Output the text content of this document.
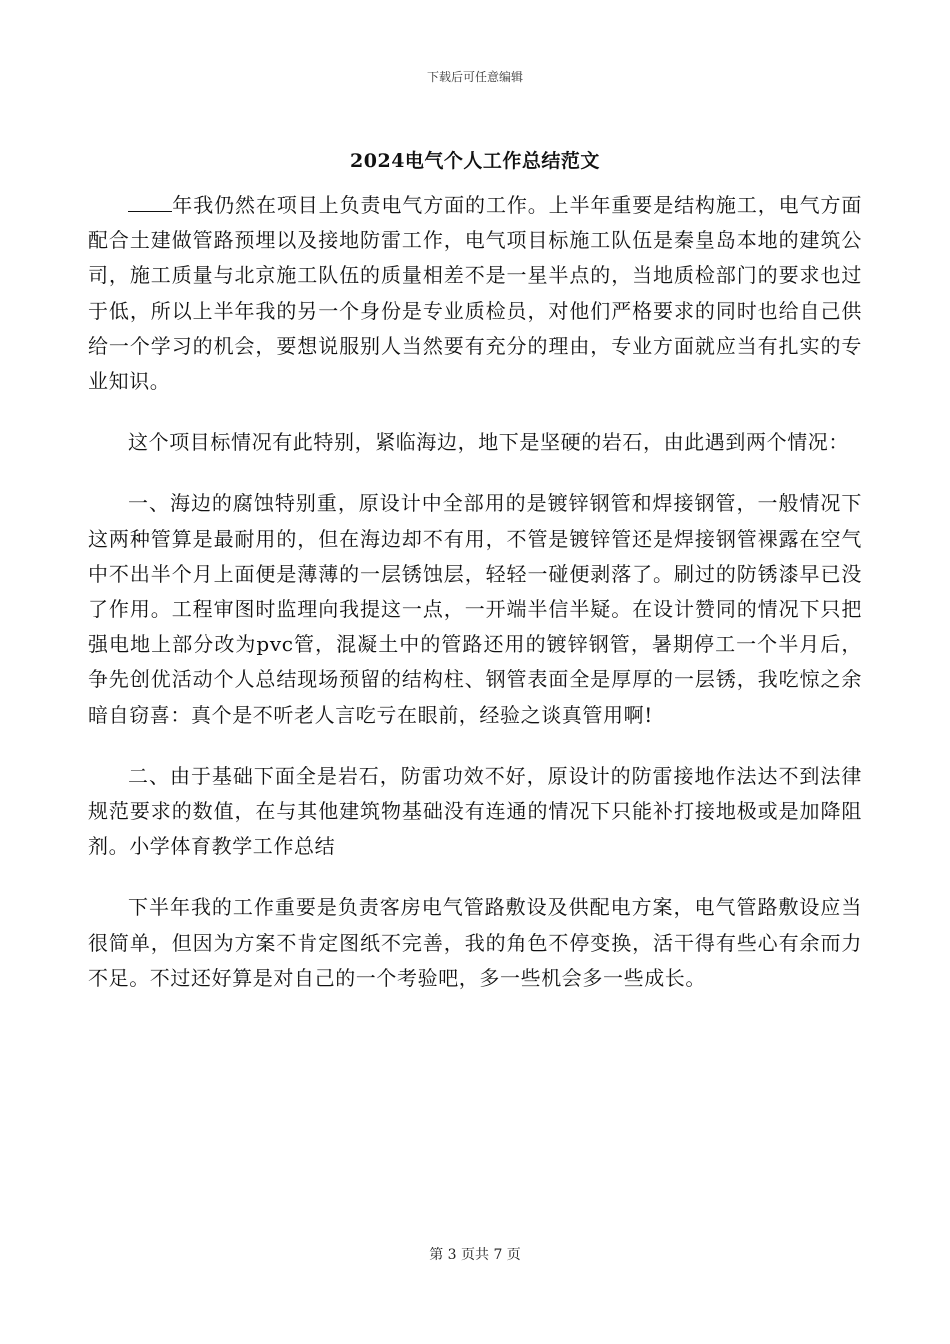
下载后可任意编辑
2024电气个人工作总结范文

年我仍然在项目上负责电气方面的工作。上半年重要是结构施工，电气方面配合土建做管路预埋以及接地防雷工作，电气项目标施工队伍是秦皇岛本地的建筑公司，施工质量与北京施工队伍的质量相差不是一星半点的，当地质检部门的要求也过于低，所以上半年我的另一个身份是专业质检员，对他们严格要求的同时也给自己供给一个学习的机会，要想说服别人当然要有充分的理由，专业方面就应当有扎实的专业知识。

这个项目标情况有此特别，紧临海边，地下是坚硬的岩石，由此遇到两个情况：

一、海边的腐蚀特别重，原设计中全部用的是镀锌钢管和焊接钢管，一般情况下这两种管算是最耐用的，但在海边却不有用，不管是镀锌管还是焊接钢管裸露在空气中不出半个月上面便是薄薄的一层锈蚀层，轻轻一碰便剥落了。刷过的防锈漆早已没了作用。工程审图时监理向我提这一点，一开端半信半疑。在设计赞同的情况下只把强电地上部分改为pvc管，混凝土中的管路还用的镀锌钢管，暑期停工一个半月后，争先创优活动个人总结现场预留的结构柱、钢管表面全是厚厚的一层锈，我吃惊之余暗自窃喜：真个是不听老人言吃亏在眼前，经验之谈真管用啊!

二、由于基础下面全是岩石，防雷功效不好，原设计的防雷接地作法达不到法律规范要求的数值，在与其他建筑物基础没有连通的情况下只能补打接地极或是加降阻剂。小学体育教学工作总结

下半年我的工作重要是负责客房电气管路敷设及供配电方案，电气管路敷设应当很简单，但因为方案不肯定图纸不完善，我的角色不停变换，活干得有些心有余而力不足。不过还好算是对自己的一个考验吧，多一些机会多一些成长。

第 3 页共 7 页
